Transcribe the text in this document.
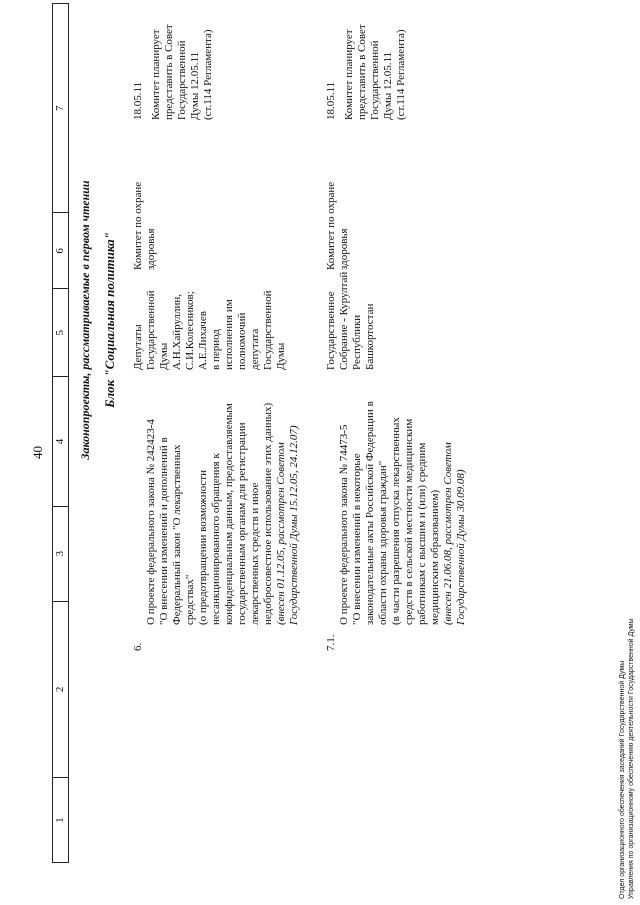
40
1
2
3
4
5
6
7
Законопроекты, рассматриваемые в первом чтении Блок "Социальная политика"
6.

О проекте федерального закона № 242423-4
"О внесении изменений и дополнений в
Федеральный закон "О лекарственных
средствах"
(о предотвращении возможности
несанкционированного обращения к
конфиденциальным данным, предоставляемым
государственным органам для регистрации
лекарственных средств и иное
недобросовестное использование этих данных)
(внесен 01.12.05, рассмотрен Советом
Государственной Думы 15.12.05, 24.12.07)

Депутаты
Государственной
Думы
А.Н.Хайруллин,
С.И.Колесников;
А.Е.Лихачев
в период
исполнения им
полномочий
депутата
Государственной
Думы
Комитет по охране
здоровья
18.05.11 Комитет планирует
представить в Совет
Государственной
Думы 12.05.11
(ст.114 Регламента)
7.1.

О проекте федерального закона № 74473-5
"О внесении изменений в некоторые
законодательные акты Российской Федерации в
области охраны здоровья граждан"
(в части разрешения отпуска лекарственных
средств в сельской местности медицинским
работникам с высшим и (или) средним
медицинским образованием)
(внесен 21.06.08, рассмотрен Советом
Государственной Думы 30.09.08)

Государственное
Собрание - Курултай
Республики
Башкортостан
Комитет по охране
здоровья
18.05.11 Комитет планирует
представить в Совет
Государственной
Думы 12.05.11
(ст.114 Регламента)
Отдел организационного обеспечения заседаний Государственной Думы Управления по организационному обеспечению деятельности Государственной Думы
